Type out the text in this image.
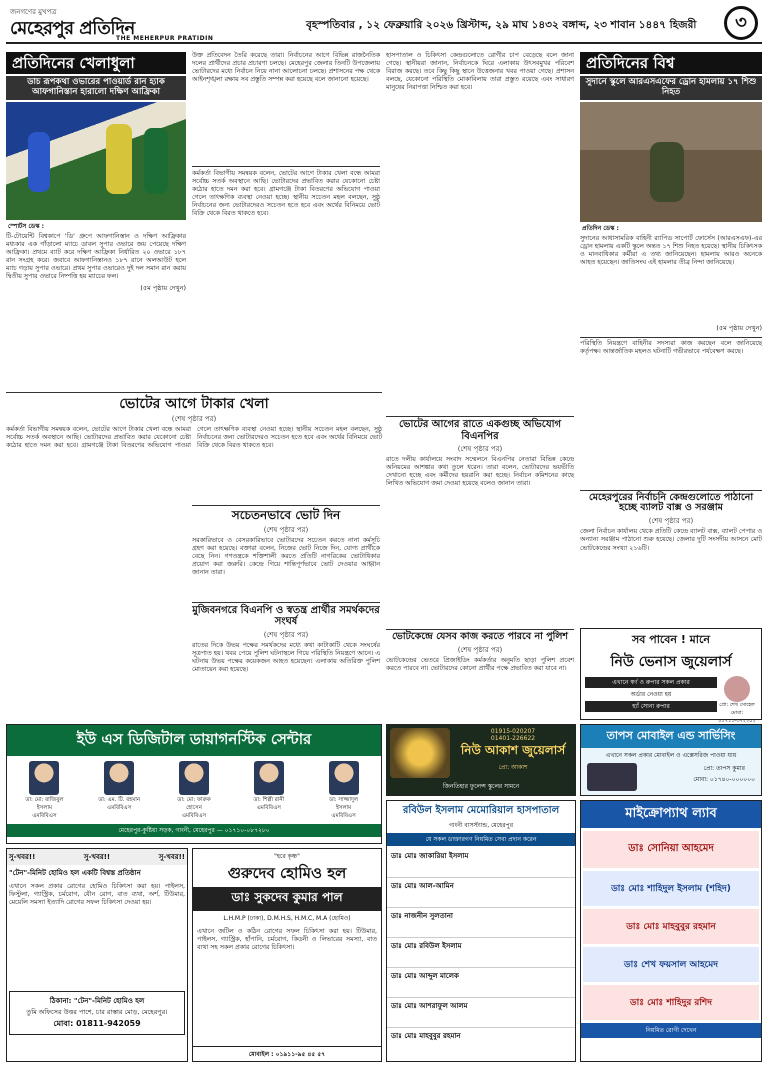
জনগণের মুখপত্র
মেহেরপুর প্রতিদিন
THE MEHERPUR PRATIDIN
বৃহস্পতিবার , ১২ ফেব্রুয়ারি ২০২৬ খ্রিস্টাব্দ, ২৯ মাঘ ১৪৩২ বঙ্গাব্দ, ২৩ শাবান ১৪৪৭ হিজরী	৩
প্রতিদিনের খেলাধুলা
ডাচ রূপকথা ওভারের পাওয়ার্ড রান হ্যাক আফগানিস্তান হারালো দক্ষিণ আফ্রিকা
স্পোর্টস ডেস্ক :
টি-টোয়েন্টি বিশ্বকাপে 'ডি' গ্রুপে আফগানিস্তান ও দক্ষিণ আফ্রিকার মধ্যকার এক গাঁড়ালো ম্যাচে ডাবল সুপার ওভারে জয় পেয়েছে দক্ষিণ আফ্রিকা। প্রথমে ব্যাট করে দক্ষিণ আফ্রিকা নির্ধারিত ২০ ওভারে ১৮৭ রান সংগ্রহ করে। জবাবে আফগানিস্তানও ১৮৭ রানে অলআউট হলে ম্যাচ গড়ায় সুপার ওভারে। প্রথম সুপার ওভারেও দুই দল সমান রান করায় দ্বিতীয় সুপার ওভারে নিষ্পত্তি হয় ম্যাচের ফল।
(৫ম পৃষ্ঠায় দেখুন)
ভোটের আগে টাকার খেলা
(শেষ পৃষ্ঠার পর)
কর্মকর্তা বিভাগীয় সমন্বয়ক বলেন, ভোটের আগে টাকার খেলা বন্ধে আমরা সর্বোচ্চ সতর্ক অবস্থানে আছি। ভোটারদের প্রভাবিত করার যেকোনো চেষ্টা কঠোর হাতে দমন করা হবে। গ্রামগঞ্জে টাকা বিতরণের অভিযোগ পাওয়া গেলে তাৎক্ষণিক ব্যবস্থা নেওয়া হচ্ছে। স্থানীয় সচেতন মহল বলছেন, সুষ্ঠু নির্বাচনের জন্য ভোটারদেরও সচেতন হতে হবে এবং অর্থের বিনিময়ে ভোট বিক্রি থেকে বিরত থাকতে হবে।
উক্ত প্রতিবেদন তৈরি করেছে তারা। নির্বাচনের আগে বিভিন্ন রাজনৈতিক দলের প্রার্থীদের প্রচার প্রচারণা চলছে। মেহেরপুর জেলার তিনটি উপজেলায় ভোটারদের মধ্যে নির্বাচন নিয়ে নানা আলোচনা চলছে। প্রশাসনের পক্ষ থেকে আইনশৃঙ্খলা রক্ষায় সব প্রস্তুতি সম্পন্ন করা হয়েছে বলে জানানো হয়েছে।
কর্মকর্তা বিভাগীয় সমন্বয়ক বলেন, ভোটের আগে টাকার খেলা বন্ধে আমরা সর্বোচ্চ সতর্ক অবস্থানে আছি। ভোটারদের প্রভাবিত করার যেকোনো চেষ্টা কঠোর হাতে দমন করা হবে। গ্রামগঞ্জে টাকা বিতরণের অভিযোগ পাওয়া গেলে তাৎক্ষণিক ব্যবস্থা নেওয়া হচ্ছে। স্থানীয় সচেতন মহল বলছেন, সুষ্ঠু নির্বাচনের জন্য ভোটারদেরও সচেতন হতে হবে এবং অর্থের বিনিময়ে ভোট বিক্রি থেকে বিরত থাকতে হবে।
সচেতনভাবে ভোট দিন
(শেষ পৃষ্ঠার পর)
সরকারিভাবে ও বেসরকারিভাবে ভোটারদের সচেতন করতে নানা কর্মসূচি গ্রহণ করা হয়েছে। বক্তারা বলেন, নিজের ভোট নিজে দিন, যোগ্য প্রার্থীকে বেছে নিন। গণতন্ত্রকে শক্তিশালী করতে প্রতিটি নাগরিকের ভোটাধিকার প্রয়োগ করা জরুরি। কেন্দ্রে গিয়ে শান্তিপূর্ণভাবে ভোট দেওয়ার আহ্বান জানান তারা।
মুজিবনগরে বিএনপি ও স্বতন্ত্র প্রার্থীর সমর্থকদের সংঘর্ষ
(শেষ পৃষ্ঠার পর)
রাতের দিকে উভয় পক্ষের সমর্থকদের মধ্যে কথা কাটাকাটি থেকে সংঘর্ষের সূত্রপাত হয়। খবর পেয়ে পুলিশ ঘটনাস্থলে গিয়ে পরিস্থিতি নিয়ন্ত্রণে আনে। এ ঘটনায় উভয় পক্ষের কয়েকজন আহত হয়েছেন। এলাকায় অতিরিক্ত পুলিশ মোতায়েন করা হয়েছে।
হাসপাতাল ও চিকিৎসা কেন্দ্রগুলোতে রোগীর চাপ বেড়েছে বলে জানা গেছে। স্থানীয়রা জানান, নির্বাচনকে ঘিরে এলাকায় উৎসবমুখর পরিবেশ বিরাজ করছে। তবে কিছু কিছু স্থানে উত্তেজনার খবর পাওয়া গেছে। প্রশাসন বলছে, যেকোনো পরিস্থিতি মোকাবিলায় তারা প্রস্তুত রয়েছে এবং সাধারণ মানুষের নিরাপত্তা নিশ্চিত করা হবে।
ভোটের আগের রাতে একগুচ্ছ অভিযোগ বিএনপির
(শেষ পৃষ্ঠার পর)
রাতে দলীয় কার্যালয়ে সংবাদ সম্মেলনে বিএনপির নেতারা বিভিন্ন কেন্দ্রে অনিয়মের আশঙ্কার কথা তুলে ধরেন। তারা বলেন, ভোটারদের ভয়ভীতি দেখানো হচ্ছে এবং কর্মীদের হয়রানি করা হচ্ছে। নির্বাচন কমিশনের কাছে লিখিত অভিযোগ জমা দেওয়া হয়েছে বলেও জানান তারা।
ভোটকেন্দ্রে যেসব কাজ করতে পারবে না পুলিশ
(শেষ পৃষ্ঠার পর)
ভোটকেন্দ্রের ভেতরে প্রিজাইডিং কর্মকর্তার অনুমতি ছাড়া পুলিশ প্রবেশ করতে পারবে না। ভোটারদের কোনো প্রার্থীর পক্ষে প্রভাবিত করা যাবে না।
প্রতিদিনের বিশ্ব
সুদানে স্কুলে আরএসএফের ড্রোন হামলায় ১৭ শিশু নিহত
প্রতিদিন ডেস্ক :
সুদানের আধাসামরিক বাহিনী র‍্যাপিড সাপোর্ট ফোর্সেস (আরএসএফ)-এর ড্রোন হামলায় একটি স্কুলে অন্তত ১৭ শিশু নিহত হয়েছে। স্থানীয় চিকিৎসক ও মানবাধিকার কর্মীরা এ তথ্য জানিয়েছেন। হামলায় আরও অনেকে আহত হয়েছেন। জাতিসংঘ এই হামলার তীব্র নিন্দা জানিয়েছে।
(৫ম পৃষ্ঠায় দেখুন)
পরিস্থিতি নিয়ন্ত্রণে বাহিনীর সদস্যরা কাজ করছেন বলে জানিয়েছে কর্তৃপক্ষ। আন্তর্জাতিক মহলও ঘটনাটি গভীরভাবে পর্যবেক্ষণ করছে।
মেহেরপুরের নির্বাচনি কেন্দ্রগুলোতে পাঠানো হচ্ছে ব্যালট বাক্স ও সরঞ্জাম
(শেষ পৃষ্ঠার পর)
জেলা নির্বাচন কার্যালয় থেকে প্রতিটি কেন্দ্রে ব্যালট বাক্স, ব্যালট পেপার ও অন্যান্য সরঞ্জাম পাঠানো শুরু হয়েছে। জেলার দুটি সংসদীয় আসনে মোট ভোটকেন্দ্রের সংখ্যা ২১৬টি।
সব পাবেন ! মানে
নিউ ভেনাস জুয়েলার্স
এখানে স্বর্ণ ও রুপার সকল প্রকার
অর্ডার নেওয়া হয়
হ্যাঁ সোনা রুপার	প্রো: শেখ সোহেল
মোবা: ০১৭১১-৩৭২২৫২
তাপস মোবাইল এন্ড সার্ভিসিং
এখানে সকল প্রকার মোবাইল ও এক্সেসরিজ পাওয়া যায়
প্রো: তাপস কুমার
মোবা: ০১৭৪০-০০০০০০
ইউ এস ডিজিটাল ডায়াগনস্টিক সেন্টার
ডা: মো: রাজিবুল ইসলাম
এমবিবিএস
ডা: এম. টি. রহমান
এমবিবিএস
ডা: মো: ফারুক হোসেন
এমবিবিএস
ডা: শিল্পী রানী
এমবিবিএস
ডা: সাজ্জাদুল ইসলাম
এমবিবিএস
মেহেরপুর-কুষ্টিয়া সড়ক, গাংনী, মেহেরপুর — ০১৭১০-০৮৭২৮০
01915-020207
01401-226622
নিউ আকাশ জুয়েলার্স
প্রো: আকাশ
জিনতিহার ফুলেন্স স্কুলের সামনে
রবিউল ইসলাম মেমোরিয়াল হাসপাতাল
গাংনী বাসস্ট্যান্ড, মেহেরপুর
যে সকল ডাক্তারগণ নিয়মিত সেবা প্রদান করেন
ডাঃ মোঃ জাকারিয়া ইসলাম
ডাঃ মোঃ আল-আমিন
ডাঃ নাজনীন সুলতানা
ডাঃ মোঃ রবিউল ইসলাম
ডাঃ মোঃ আব্দুল মালেক
ডাঃ মোঃ আশরাফুল আলম
ডাঃ মোঃ মাহবুবুর রহমান
মাইক্রোপ্যাথ ল্যাব
ডাঃ সোনিয়া আহমেদ
ডাঃ মোঃ শাহিদুল ইসলাম (শহিদ)
ডাঃ মোঃ মাহবুবুর রহমান
ডাঃ শেখ ফয়সাল আহমেদ
ডাঃ মোঃ শাহিদুর রশিদ
নিয়মিত রোগী দেখেন
সু-খবর!!	সু-খবর!!	সু-খবর!!
"টেন"-মিনিট হোমিও হল একটি বিশ্বস্ত প্রতিষ্ঠান
এখানে সকল প্রকার রোগের হোমিও চিকিৎসা করা হয়। পাইলস, ফিস্টুলা, গ্যাস্ট্রিক, চর্মরোগ, যৌন রোগ, বাত ব্যথা, অর্শ, টিউমার, মেয়েলি সমস্যা ইত্যাদি রোগের সফল চিকিৎসা দেওয়া হয়।
ঠিকানা: "টেন"-মিনিট হোমিও হল
তুমি অফিসের উত্তর পাশে, চার রাস্তার মোড়, মেহেরপুর।
মোবা: 01811-942059
"হরে কৃষ্ণ"
গুরুদেব হোমিও হল
ডাঃ সুকদেব কুমার পাল
L.H.M.P (ঢাকা), D.M.H.S, H.M.C, M.A (হোমিও)
এখানে জটিল ও কঠিন রোগের সফল চিকিৎসা করা হয়। টিউমার, পাইলস, গ্যাস্ট্রিক, হাঁপানি, চর্মরোগ, কিডনী ও লিভারের সমস্যা, বাত ব্যথা সহ সকল প্রকার রোগের চিকিৎসা।
মোবাইল : ০১৯১১-৯৫ ৪৫ ৫৭
